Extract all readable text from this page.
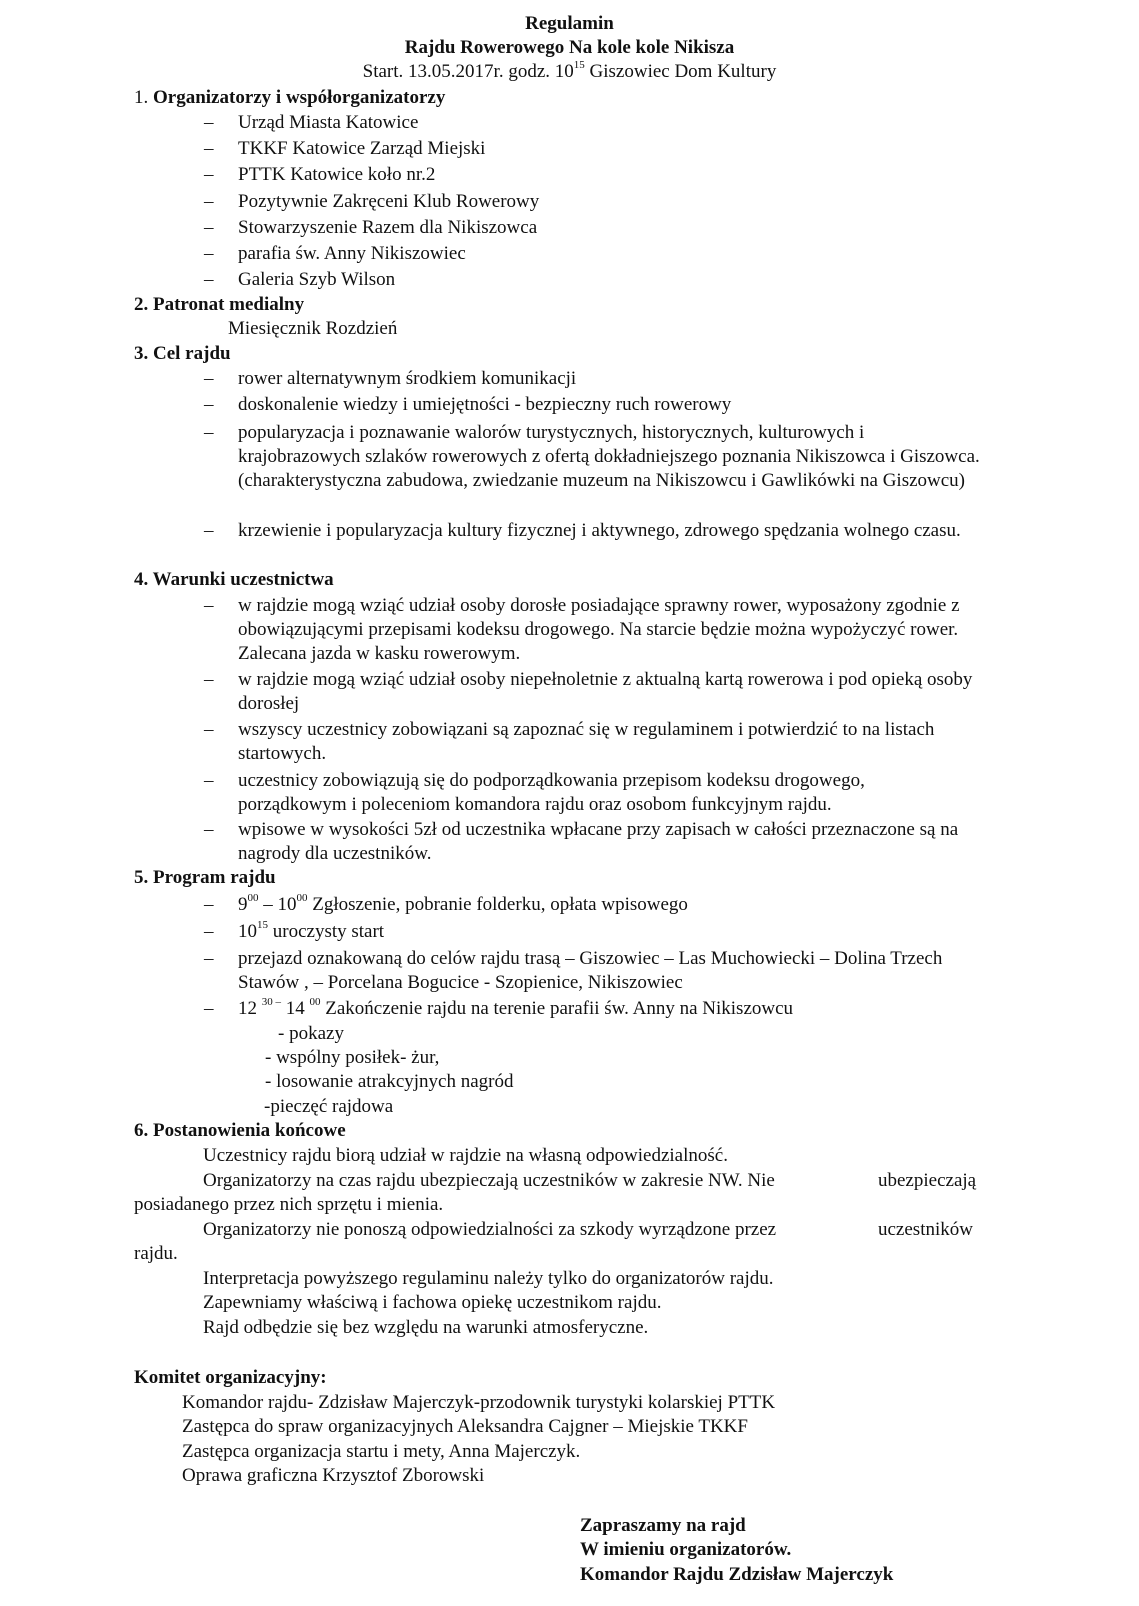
Regulamin
Rajdu Rowerowego Na kole kole Nikisza
Start. 13.05.2017r. godz. $10^{15}$ Giszowiec Dom Kultury
1. Organizatorzy i współorganizatorzy
– Urząd Miasta Katowice
– TKKF Katowice Zarząd Miejski
– PTTK Katowice koło nr.2
– Pozytywnie Zakręceni Klub Rowerowy
– Stowarzyszenie Razem dla Nikiszowca
– parafia św. Anny Nikiszowiec
– Galeria Szyb Wilson
2. Patronat medialny
Miesięcznik Rozdzień
3. Cel rajdu
– rower alternatywnym środkiem komunikacji
– doskonalenie wiedzy i umiejętności - bezpieczny ruch rowerowy
– popularyzacja i poznawanie walorów turystycznych, historycznych, kulturowych i krajobrazowych szlaków rowerowych z ofertą dokładniejszego poznania Nikiszowca i Giszowca. (charakterystyczna zabudowa, zwiedzanie muzeum na Nikiszowcu i Gawlikówki na Giszowcu)
– krzewienie i popularyzacja kultury fizycznej i aktywnego, zdrowego spędzania wolnego czasu.
4. Warunki uczestnictwa
– w rajdzie mogą wziąć udział osoby dorosłe posiadające sprawny rower, wyposażony zgodnie z obowiązującymi przepisami kodeksu drogowego. Na starcie będzie można wypożyczyć rower. Zalecana jazda w kasku rowerowym.
– w rajdzie mogą wziąć udział osoby niepełnoletnie z aktualną kartą rowerowa i pod opieką osoby dorosłej
– wszyscy uczestnicy zobowiązani są zapoznać się w regulaminem i potwierdzić to na listach startowych.
– uczestnicy zobowiązują się do podporządkowania przepisom kodeksu drogowego, porządkowym i poleceniom komandora rajdu oraz osobom funkcyjnym rajdu.
– wpisowe w wysokości 5zł od uczestnika wpłacane przy zapisach w całości przeznaczone są na nagrody dla uczestników.
5. Program rajdu
– $9^{00} - 10^{00}$ Zgłoszenie, pobranie folderku, opłata wpisowego
– $10^{15}$ uroczysty start
– przejazd oznakowaną do celów rajdu trasą – Giszowiec – Las Muchowiecki – Dolina Trzech Stawów , – Porcelana Bogucice - Szopienice, Nikiszowiec
– 12 $^{30 -}$ 14 $^{00}$ Zakończenie rajdu na terenie parafii św. Anny na Nikiszowcu
- pokazy
- wspólny posiłek- żur,
- losowanie atrakcyjnych nagród
-pieczęć rajdowa
6. Postanowienia końcowe
Uczestnicy rajdu biorą udział w rajdzie na własną odpowiedzialność.
Organizatorzy na czas rajdu ubezpieczają uczestników w zakresie NW. Nie	ubezpieczają
posiadanego przez nich sprzętu i mienia.
Organizatorzy nie ponoszą odpowiedzialności za szkody wyrządzone przez	uczestników
rajdu.
Interpretacja powyższego regulaminu należy tylko do organizatorów rajdu.
Zapewniamy właściwą i fachowa opiekę uczestnikom rajdu.
Rajd odbędzie się bez względu na warunki atmosferyczne.
Komitet organizacyjny:
Komandor rajdu- Zdzisław Majerczyk-przodownik turystyki kolarskiej PTTK
Zastępca do spraw organizacyjnych Aleksandra Cajgner – Miejskie TKKF
Zastępca organizacja startu i mety, Anna Majerczyk.
Oprawa graficzna Krzysztof Zborowski
Zapraszamy na rajd
W imieniu organizatorów.
Komandor Rajdu Zdzisław Majerczyk
